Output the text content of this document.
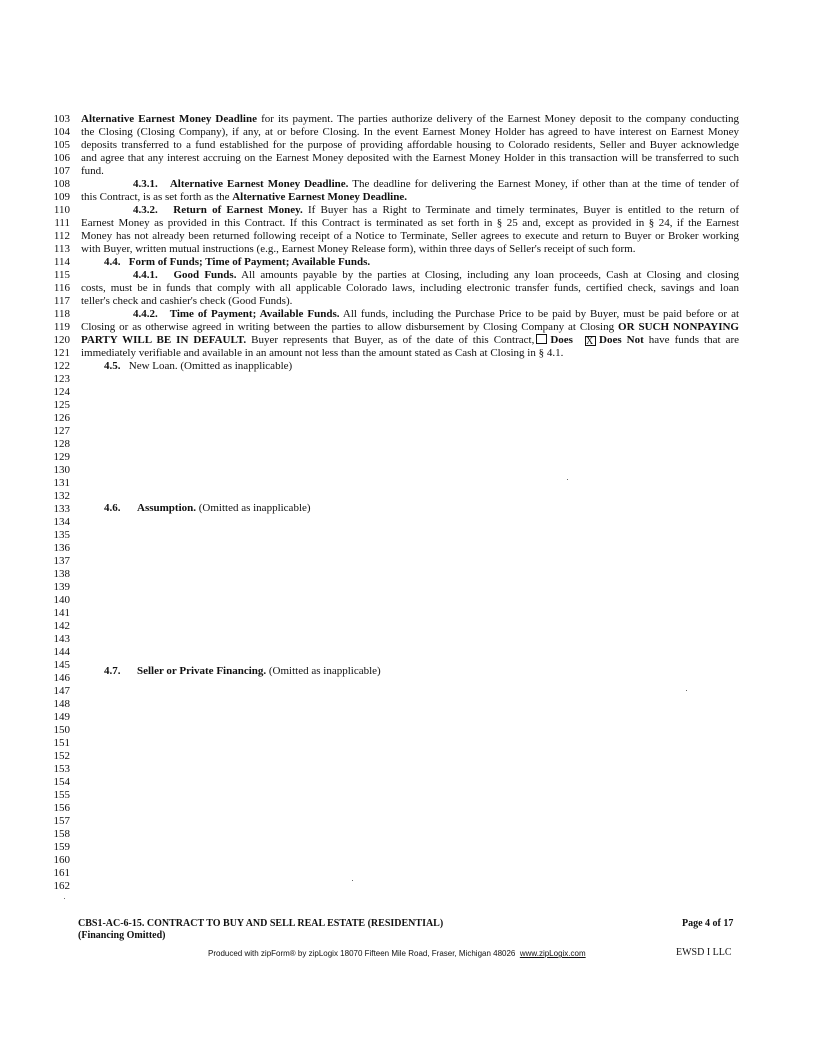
103
104
105
106
107
108
109
110
111
112
113
114
115
116
117
118
119
120
121
122
123
124
125
126
127
128
129
130
131
132
133
134
135
136
137
138
139
140
141
142
143
144
145
146
147
148
149
150
151
152
153
154
155
156
157
158
159
160
161
162
Alternative Earnest Money Deadline for its payment. The parties authorize delivery of the Earnest Money deposit to the company conducting
the Closing (Closing Company), if any, at or before Closing. In the event Earnest Money Holder has agreed to have interest on Earnest Money
deposits transferred to a fund established for the purpose of providing affordable housing to Colorado residents, Seller and Buyer acknowledge
and agree that any interest accruing on the Earnest Money deposited with the Earnest Money Holder in this transaction will be transferred to such
fund.
4.3.1. Alternative Earnest Money Deadline. The deadline for delivering the Earnest Money, if other than at the time of tender of
this Contract, is as set forth as the Alternative Earnest Money Deadline.
4.3.2. Return of Earnest Money. If Buyer has a Right to Terminate and timely terminates, Buyer is entitled to the return of
Earnest Money as provided in this Contract. If this Contract is terminated as set forth in § 25 and, except as provided in § 24, if the Earnest
Money has not already been returned following receipt of a Notice to Terminate, Seller agrees to execute and return to Buyer or Broker working
with Buyer, written mutual instructions (e.g., Earnest Money Release form), within three days of Seller's receipt of such form.
4.4. Form of Funds; Time of Payment; Available Funds.
4.4.1. Good Funds. All amounts payable by the parties at Closing, including any loan proceeds, Cash at Closing and closing
costs, must be in funds that comply with all applicable Colorado laws, including electronic transfer funds, certified check, savings and loan
teller's check and cashier's check (Good Funds).
4.4.2. Time of Payment; Available Funds. All funds, including the Purchase Price to be paid by Buyer, must be paid before or at
Closing or as otherwise agreed in writing between the parties to allow disbursement by Closing Company at Closing OR SUCH NONPAYING
PARTY WILL BE IN DEFAULT. Buyer represents that Buyer, as of the date of this Contract, Does X Does Not have funds that are
immediately verifiable and available in an amount not less than the amount stated as Cash at Closing in § 4.1.
4.5. New Loan. (Omitted as inapplicable)
4.6. Assumption. (Omitted as inapplicable)
4.7. Seller or Private Financing. (Omitted as inapplicable)
CBS1-AC-6-15. CONTRACT TO BUY AND SELL REAL ESTATE (RESIDENTIAL)
(Financing Omitted)
Page 4 of 17
Produced with zipForm® by zipLogix 18070 Fifteen Mile Road, Fraser, Michigan 48026 www.zipLogix.com	EWSD I LLC
